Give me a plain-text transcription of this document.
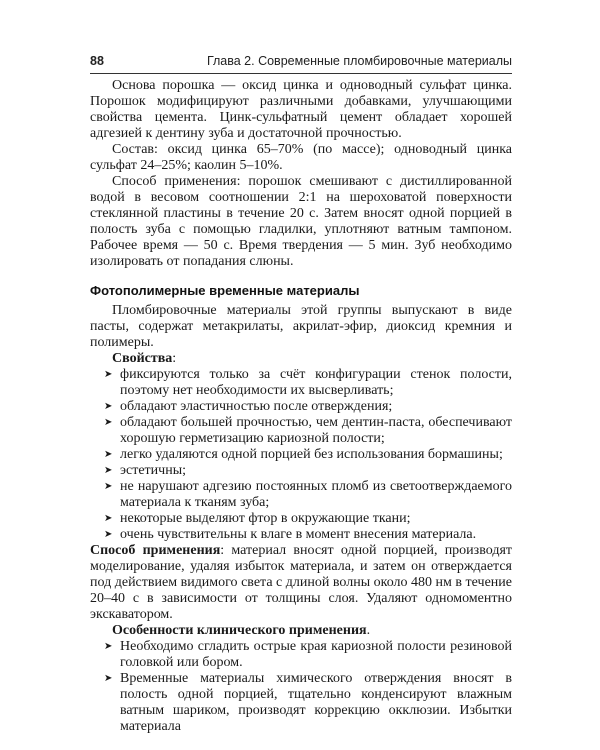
88	Глава 2. Современные пломбировочные материалы

Основа порошка — оксид цинка и одноводный сульфат цинка. Порошок модифицируют различными добавками, улучшающими свойства цемента. Цинк-сульфатный цемент обладает хорошей адгезией к дентину зуба и достаточной прочностью.

Состав: оксид цинка 65–70% (по массе); одноводный цинка сульфат 24–25%; каолин 5–10%.

Способ применения: порошок смешивают с дистиллированной водой в весовом соотношении 2:1 на шероховатой поверхности стеклянной пластины в течение 20 с. Затем вносят одной порцией в полость зуба с помощью гладилки, уплотняют ватным тампоном. Рабочее время — 50 с. Время твердения — 5 мин. Зуб необходимо изолировать от попадания слюны.

Фотополимерные временные материалы

Пломбировочные материалы этой группы выпускают в виде пасты, содержат метакрилаты, акрилат-эфир, диоксид кремния и полимеры.

Свойства:

➤ фиксируются только за счёт конфигурации стенок полости, поэтому нет необходимости их высверливать;
➤ обладают эластичностью после отверждения;
➤ обладают большей прочностью, чем дентин-паста, обеспечивают хорошую герметизацию кариозной полости;
➤ легко удаляются одной порцией без использования бормашины;
➤ эстетичны;
➤ не нарушают адгезию постоянных пломб из светоотверждаемого материала к тканям зуба;
➤ некоторые выделяют фтор в окружающие ткани;
➤ очень чувствительны к влаге в момент внесения материала.

Способ применения: материал вносят одной порцией, производят моделирование, удаляя избыток материала, и затем он отверждается под действием видимого света с длиной волны около 480 нм в течение 20–40 с в зависимости от толщины слоя. Удаляют одномоментно экскаватором.

Особенности клинического применения.

➤ Необходимо сгладить острые края кариозной полости резиновой головкой или бором.
➤ Временные материалы химического отверждения вносят в полость одной порцией, тщательно конденсируют влажным ватным шариком, производят коррекцию окклюзии. Избытки материала
